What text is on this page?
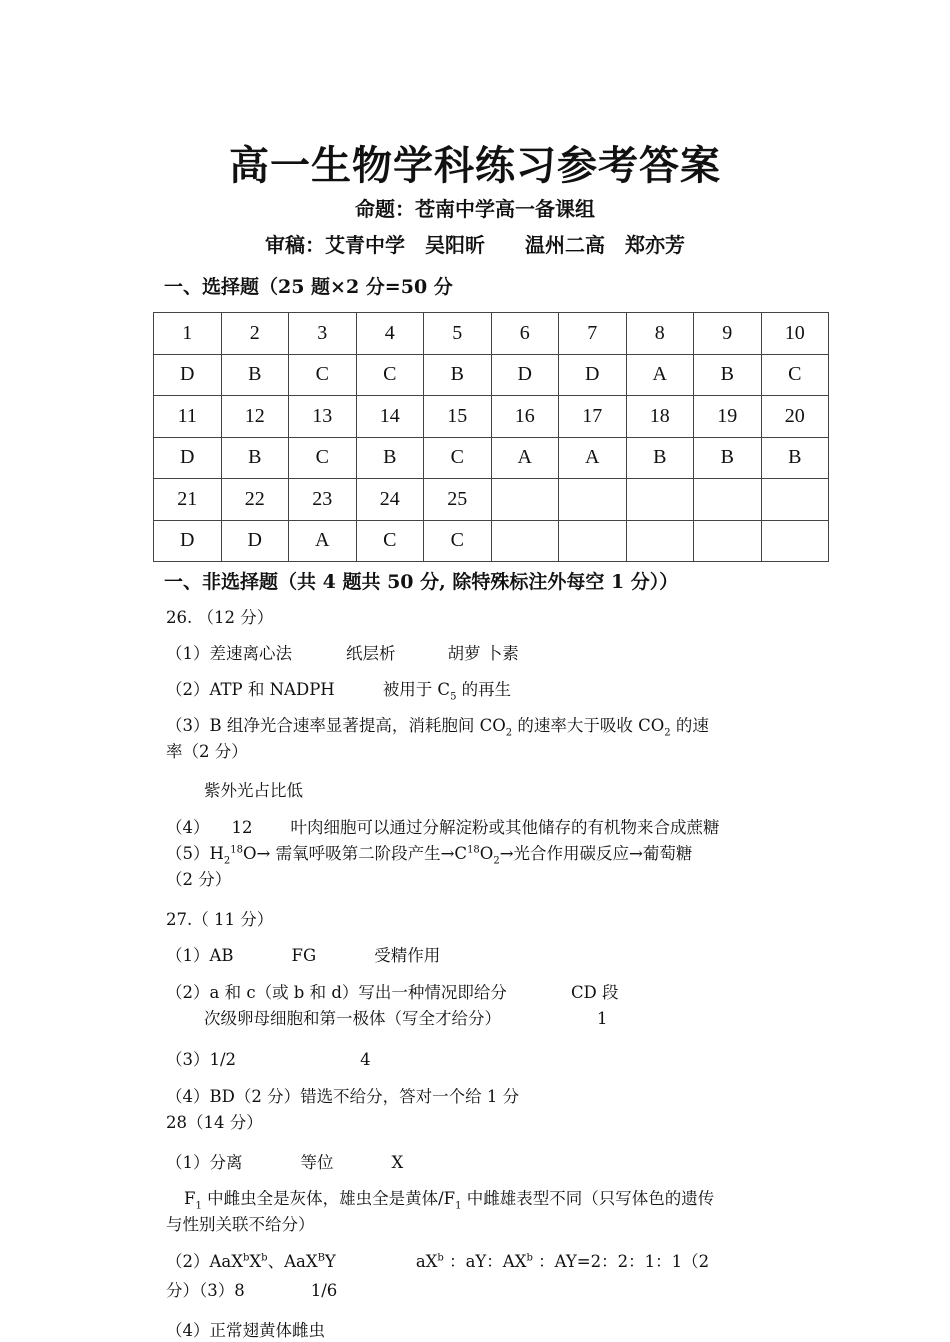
高一生物学科练习参考答案
命题：苍南中学高一备课组
审稿：艾青中学　吴阳昕　　温州二高　郑亦芳
一、选择题（25 题×2 分=50 分
1	2	3	4	5	6	7	8	9	10
D	B	C	C	B	D	D	A	B	C
11	12	13	14	15	16	17	18	19	20
D	B	C	B	C	A	A	B	B	B
21	22	23	24	25					
D	D	A	C	C					
一、非选择题（共 4 题共 50 分, 除特殊标注外每空 1 分））
26. （12 分）
（1）差速离心法	纸层析	胡萝 卜素
（2）ATP 和 NADPH	被用于 $C_5$ 的再生
（3）B 组净光合速率显著提高，消耗胞间 $CO_2$ 的速率大于吸收 $CO_2$ 的速
率（2 分）
紫外光占比低
（4） 12 叶肉细胞可以通过分解淀粉或其他储存的有机物来合成蔗糖
$(5)H_2^{18}O\to$ 需氧呼吸第二阶段产生$\to C^{18}O_2\to$光合作用碳反应→葡萄糖
（2 分）
27.（ 11 分）
（1）AB	FG	受精作用
（2）a 和 c（或 b 和 d）写出一种情况即给分	CD 段
次级卵母细胞和第一极体（写全才给分）	1
（3）1/2	4
（4）BD（2 分）错选不给分，答对一个给 1 分
28（14 分）
（1）分离	等位	X
$F_1$ 中雌虫全是灰体，雄虫全是黄体$/F_1$ 中雌雄表型不同（只写体色的遗传
与性别关联不给分）
$(2)AaX^bX^b$、AaX$^B$Y	$aX^b$ ：aY：$AX^b$ ：AY=2：2：1：1（2
分）（3）8	1/6
（4）正常翅黄体雌虫
